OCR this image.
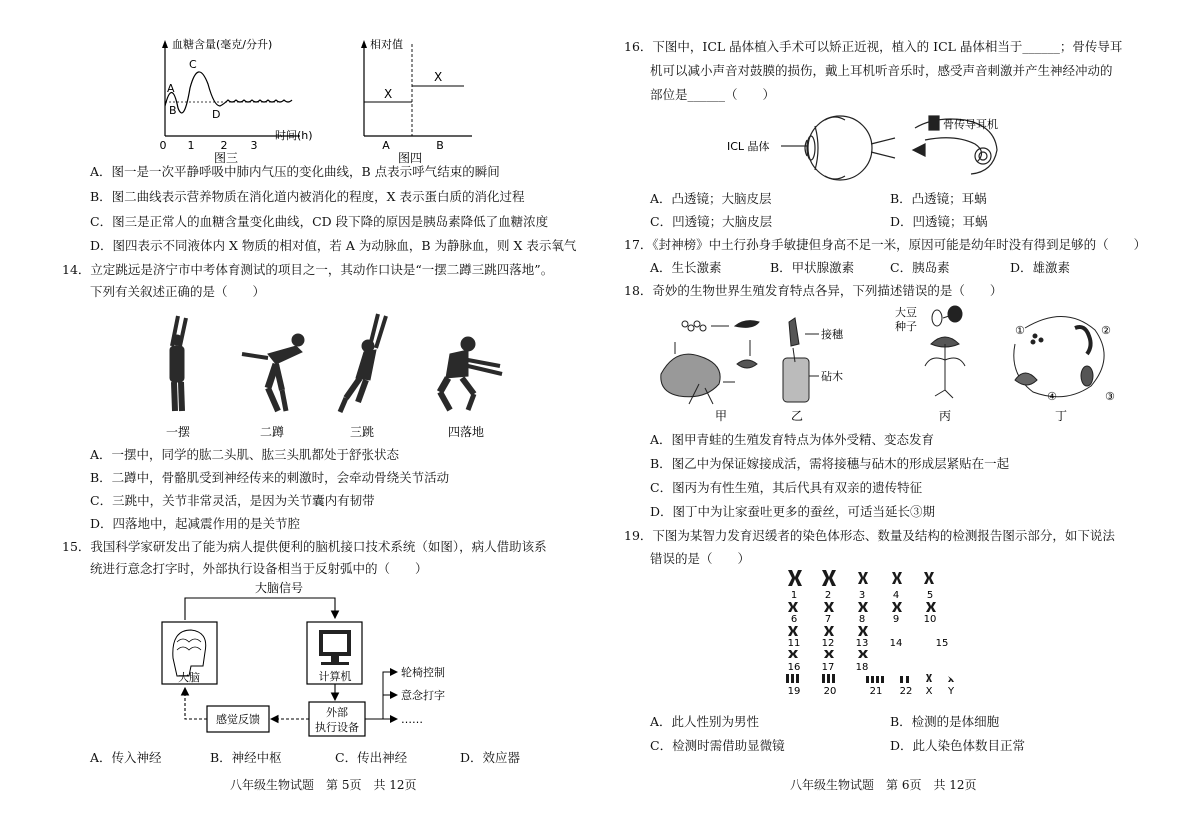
血糖含量(毫克/分升)
时间(h)
0 1 2 3
A
B
C
D
图三
相对值
X
X
A	B
图四
A．图一是一次平静呼吸中肺内气压的变化曲线，B 点表示呼气结束的瞬间
B．图二曲线表示营养物质在消化道内被消化的程度，X 表示蛋白质的消化过程
C．图三是正常人的血糖含量变化曲线，CD 段下降的原因是胰岛素降低了血糖浓度
D．图四表示不同液体内 X 物质的相对值，若 A 为动脉血，B 为静脉血，则 X 表示氧气
14．立定跳远是济宁市中考体育测试的项目之一，其动作口诀是“一摆二蹲三跳四落地”。
下列有关叙述正确的是（　　）
一摆	二蹲	三跳	四落地
A．一摆中，同学的肱二头肌、肱三头肌都处于舒张状态
B．二蹲中，骨骼肌受到神经传来的刺激时，会牵动骨绕关节活动
C．三跳中，关节非常灵活，是因为关节囊内有韧带
D．四落地中，起减震作用的是关节腔
15．我国科学家研发出了能为病人提供便利的脑机接口技术系统（如图），病人借助该系
统进行意念打字时，外部执行设备相当于反射弧中的（　　）
大脑信号
大脑	计算机
外部
执行设备
感觉反馈
轮椅控制
意念打字
……
A．传入神经	B．神经中枢	C．传出神经	D．效应器
八年级生物试题　第 5页　共 12页
16．下图中，ICL 晶体植入手术可以矫正近视，植入的 ICL 晶体相当于______；骨传导耳
机可以减小声音对鼓膜的损伤，戴上耳机听音乐时，感受声音刺激并产生神经冲动的
部位是______（　　）
ICL 晶体
骨传导耳机
A．凸透镜；大脑皮层	B．凸透镜；耳蜗
C．凹透镜；大脑皮层	D．凹透镜；耳蜗
17．《封神榜》中土行孙身手敏捷但身高不足一米，原因可能是幼年时没有得到足够的（　　）
A．生长激素	B．甲状腺激素	C．胰岛素	D．雄激素
18．奇妙的生物世界生殖发育特点各异，下列描述错误的是（　　）
接穗
砧木
大豆
种子	①	②
③
④
甲	乙	丙	丁
A．图甲青蛙的生殖发育特点为体外受精、变态发育
B．图乙中为保证嫁接成活，需将接穗与砧木的形成层紧贴在一起
C．图丙为有性生殖，其后代具有双亲的遗传特征
D．图丁中为让家蚕吐更多的蚕丝，可适当延长③期
19．下图为某智力发育迟缓者的染色体形态、数量及结构的检测报告图示部分，如下说法
错误的是（　　）
1	2	3	4	5
6	7	8	9 10
11 12 13 14	15
16 17 18
19 20	21 22 X Y
A．此人性别为男性	B．检测的是体细胞
C．检测时需借助显微镜	D．此人染色体数目正常
八年级生物试题　第 6页　共 12页
